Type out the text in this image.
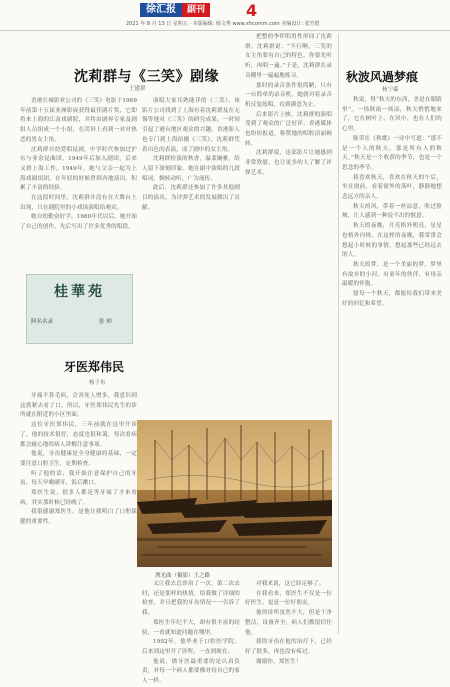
徐汇报	副刊	4
2021 年 8 月 13 日 星期五 · 本版编辑: 杨文秀 www.xhcomm.com 美编设计: 张竹银
沈莉群与《三笑》剧缘
王建群

香港长城影业公司的《三笑》电影于1969年前第十五届亚洲影展获得最佳剧片奖，它即将来上海的江南戏剧院，并将由剧界专家及剧组人员组成一个小组，在荧屏上看到一对对热恋的男女主角。

沈莉群自幼爱唱昆剧，中学时代参加过沪东与业余昆曲团。1949年后加入剧团，后来又到上海工作。1949年，她与父亲一起为上海戏剧组团，在年轻的时候曾到各地演出，积累了丰富的经验。

在这段时间里，沈莉群并没有在大舞台上出现，只在剧院里的小戏场演唱给观众。

她自幼勤奋好学，1980年代以后，她开始了自己的创作，先后写出了许多优秀的唱段。

演唱大家耳熟能详的《三笑》，该影片公司找到了上海有着沈莉群及在无锡等地对《三笑》的研究成果，一时间引起了港台地区观众的兴趣，香港影人也专门到上海拍摄《三笑》，沈莉群凭着出色的表演，成了剧中的女主角。

沈莉群扮演的秋香，温柔娴雅，给人留下深刻印象。她在剧中演唱的几段唱词，婉转动听，广为流传。

此后，沈莉群还参加了许多其他剧目的演出，为评弹艺术的发展做出了贡献。

把整的李伴唱男性形同了沈莉群。沈莉群说：“不行啊，三笑的女主角要有自己的特色，你要先听听，再唱一遍。”于是，沈莉群在录音棚里一遍遍地练习。

那时的录音条件很简陋，只有一台简单的录音机，她就对着录音机反复练唱，直到满意为止。

后来影片上映，沈莉群的演唱受到了观众的广泛好评，香港媒体也纷纷报道，称赞她的唱腔清丽婉转。

沈莉群说，这部影片让她感到非常欣慰，也让更多的人了解了评弹艺术。

桂華苑
阿名名录	张 帅
牙医郑伟民
杨子东

牙痛不算毛病，会害死人增多，我意识到这抓紧去看了口，所以，牙医郑伟民先生的诊所就在附近的小区里面。

这位牙医郑伟民，三年前就在这里开诊了，他的技术很好，态度也很和蔼，每次看病都会耐心地给病人讲解注意事项。

他说，牙齿健康是全身健康的基础，一定要注意口腔卫生，定期检查。

听了他的话，我开始注意保护自己的牙齿，每天早晚刷牙，饭后漱口。

郑医生说，很多人都是等牙痛了才来看病，其实那时候已经晚了。

我很感谢郑医生，是他让我明白了口腔保健的重要性。

渔光曲（摄影）王之路

又让我去总诊治了一次，第二次去时，还是那样的热情，给我做了详细的检查，并且把我的牙齿情况一一告诉了我。

郑医生年纪不大，却有很丰富的经验，一看就知道问题在哪里。

1992年，他毕业于口腔医学院，后来到这里开了诊所，一直到现在。

他说，做牙医最重要的是认真负责，对每一个病人都要像对待自己的家人一样。

对我来说，这已经足够了。

在我看来，郑医生不仅是一位好医生，更是一位好朋友。

他的诊所虽然不大，但是干净整洁，设备齐全，病人们都很信任他。

我的牙齿在他的治疗下，已经好了很多，再也没有疼过。

谢谢你，郑医生！

秋波风過梦痕
杨宁森

秋说，得“秋天的东西，美是在眼睛里”。一场秋雨一场凉，秋天悄悄地来了，它在树叶上、在风中，也在人们的心里。

陈荣在《秋歌》一诗中写道：“那不是一个人的秋天，那是所有人的秋天。”秋天是一个收获的季节，也是一个思念的季节。

我喜欢秋天，喜欢在秋天的午后，坐在窗前，看着窗外的落叶，静静地想念远方的亲人。

秋天的风，带着一丝凉意，吹过脸颊，让人感到一种说不出的惬意。

秋天的夜晚，月亮格外明亮，星星也格外闪烁。在这样的夜晚，我常常会想起小时候的事情，想起那些已经远去的人。

秋天的梦，是一个美丽的梦，梦里有故乡的小河，有童年的伙伴，有母亲温暖的怀抱。

愿每一个秋天，都能给我们带来美好的回忆和希望。
